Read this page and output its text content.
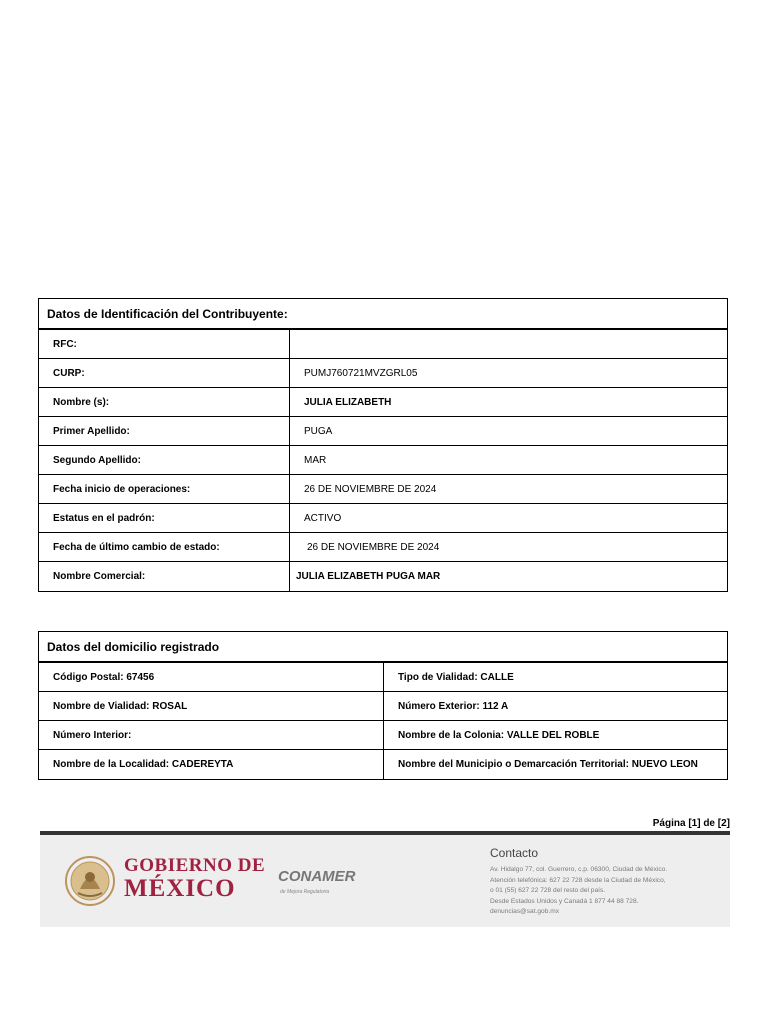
Datos de Identificación del Contribuyente:
RFC:
CURP:	PUMJ760721MVZGRL05
Nombre (s):	JULIA ELIZABETH
Primer Apellido:	PUGA
Segundo Apellido:	MAR
Fecha inicio de operaciones:	26 DE NOVIEMBRE DE 2024
Estatus en el padrón:	ACTIVO
Fecha de último cambio de estado:	26 DE NOVIEMBRE DE 2024
Nombre Comercial:	JULIA ELIZABETH PUGA MAR
Datos del domicilio registrado
Código Postal: 67456	Tipo de Vialidad: CALLE
Nombre de Vialidad: ROSAL	Número Exterior: 112 A
Número Interior:	Nombre de la Colonia: VALLE DEL ROBLE
Nombre de la Localidad: CADEREYTA	Nombre del Municipio o Demarcación Territorial: NUEVO LEON
Página [1] de [2]
GOBIERNO DE
MÉXICO	CONAMER
de Mejora Regulatoria
Contacto
Av. Hidalgo 77, col. Guerrero, c.p. 06300, Ciudad de México.
Atención telefónica: 627 22 728 desde la Ciudad de México,
o 01 (55) 627 22 728 del resto del país.
Desde Estados Unidos y Canadá 1 877 44 88 728.
denuncias@sat.gob.mx
